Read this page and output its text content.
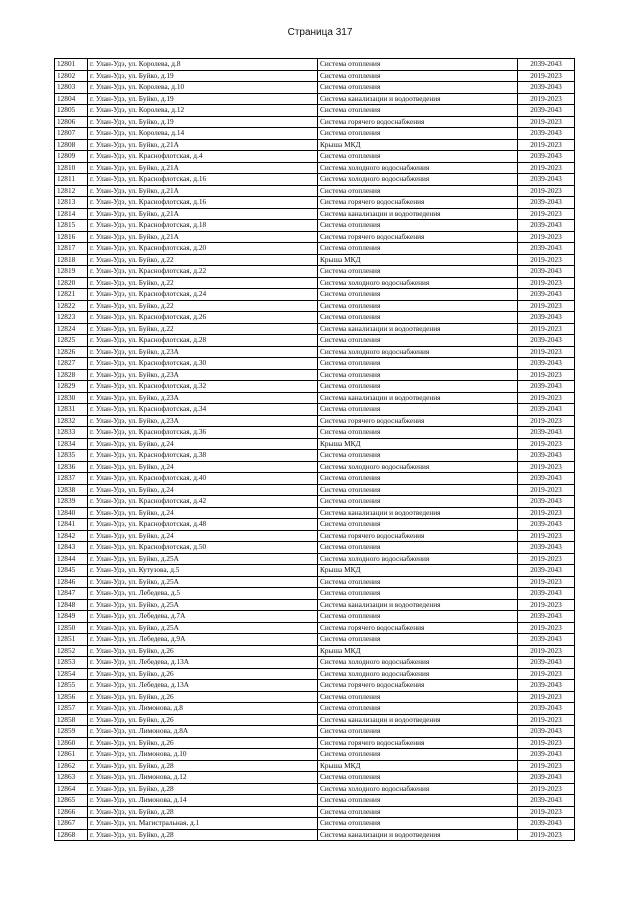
Страница 317
12801	г. Улан-Удэ, ул. Королева, д.8	Система отопления	2039-2043
12802	г. Улан-Удэ, ул. Буйко, д.19	Система отопления	2019-2023
12803	г. Улан-Удэ, ул. Королева, д.10	Система отопления	2039-2043
12804	г. Улан-Удэ, ул. Буйко, д.19	Система канализации и водоотведения	2019-2023
12805	г. Улан-Удэ, ул. Королева, д.12	Система отопления	2039-2043
12806	г. Улан-Удэ, ул. Буйко, д.19	Система горячего водоснабжения	2019-2023
12807	г. Улан-Удэ, ул. Королева, д.14	Система отопления	2039-2043
12808	г. Улан-Удэ, ул. Буйко, д.21А	Крыша МКД	2019-2023
12809	г. Улан-Удэ, ул. Краснофлотская, д.4	Система отопления	2039-2043
12810	г. Улан-Удэ, ул. Буйко, д.21А	Система холодного водоснабжения	2019-2023
12811	г. Улан-Удэ, ул. Краснофлотская, д.16	Система холодного водоснабжения	2039-2043
12812	г. Улан-Удэ, ул. Буйко, д.21А	Система отопления	2019-2023
12813	г. Улан-Удэ, ул. Краснофлотская, д.16	Система горячего водоснабжения	2039-2043
12814	г. Улан-Удэ, ул. Буйко, д.21А	Система канализации и водоотведения	2019-2023
12815	г. Улан-Удэ, ул. Краснофлотская, д.18	Система отопления	2039-2043
12816	г. Улан-Удэ, ул. Буйко, д.21А	Система горячего водоснабжения	2019-2023
12817	г. Улан-Удэ, ул. Краснофлотская, д.20	Система отопления	2039-2043
12818	г. Улан-Удэ, ул. Буйко, д.22	Крыша МКД	2019-2023
12819	г. Улан-Удэ, ул. Краснофлотская, д.22	Система отопления	2039-2043
12820	г. Улан-Удэ, ул. Буйко, д.22	Система холодного водоснабжения	2019-2023
12821	г. Улан-Удэ, ул. Краснофлотская, д.24	Система отопления	2039-2043
12822	г. Улан-Удэ, ул. Буйко, д.22	Система отопления	2019-2023
12823	г. Улан-Удэ, ул. Краснофлотская, д.26	Система отопления	2039-2043
12824	г. Улан-Удэ, ул. Буйко, д.22	Система канализации и водоотведения	2019-2023
12825	г. Улан-Удэ, ул. Краснофлотская, д.28	Система отопления	2039-2043
12826	г. Улан-Удэ, ул. Буйко, д.23А	Система холодного водоснабжения	2019-2023
12827	г. Улан-Удэ, ул. Краснофлотская, д.30	Система отопления	2039-2043
12828	г. Улан-Удэ, ул. Буйко, д.23А	Система отопления	2019-2023
12829	г. Улан-Удэ, ул. Краснофлотская, д.32	Система отопления	2039-2043
12830	г. Улан-Удэ, ул. Буйко, д.23А	Система канализации и водоотведения	2019-2023
12831	г. Улан-Удэ, ул. Краснофлотская, д.34	Система отопления	2039-2043
12832	г. Улан-Удэ, ул. Буйко, д.23А	Система горячего водоснабжения	2019-2023
12833	г. Улан-Удэ, ул. Краснофлотская, д.36	Система отопления	2039-2043
12834	г. Улан-Удэ, ул. Буйко, д.24	Крыша МКД	2019-2023
12835	г. Улан-Удэ, ул. Краснофлотская, д.38	Система отопления	2039-2043
12836	г. Улан-Удэ, ул. Буйко, д.24	Система холодного водоснабжения	2019-2023
12837	г. Улан-Удэ, ул. Краснофлотская, д.40	Система отопления	2039-2043
12838	г. Улан-Удэ, ул. Буйко, д.24	Система отопления	2019-2023
12839	г. Улан-Удэ, ул. Краснофлотская, д.42	Система отопления	2039-2043
12840	г. Улан-Удэ, ул. Буйко, д.24	Система канализации и водоотведения	2019-2023
12841	г. Улан-Удэ, ул. Краснофлотская, д.48	Система отопления	2039-2043
12842	г. Улан-Удэ, ул. Буйко, д.24	Система горячего водоснабжения	2019-2023
12843	г. Улан-Удэ, ул. Краснофлотская, д.50	Система отопления	2039-2043
12844	г. Улан-Удэ, ул. Буйко, д.25А	Система холодного водоснабжения	2019-2023
12845	г. Улан-Удэ, ул. Кутузова, д.5	Крыша МКД	2039-2043
12846	г. Улан-Удэ, ул. Буйко, д.25А	Система отопления	2019-2023
12847	г. Улан-Удэ, ул. Лебедева, д.5	Система отопления	2039-2043
12848	г. Улан-Удэ, ул. Буйко, д.25А	Система канализации и водоотведения	2019-2023
12849	г. Улан-Удэ, ул. Лебедева, д.7А	Система отопления	2039-2043
12850	г. Улан-Удэ, ул. Буйко, д.25А	Система горячего водоснабжения	2019-2023
12851	г. Улан-Удэ, ул. Лебедева, д.9А	Система отопления	2039-2043
12852	г. Улан-Удэ, ул. Буйко, д.26	Крыша МКД	2019-2023
12853	г. Улан-Удэ, ул. Лебедева, д.13А	Система холодного водоснабжения	2039-2043
12854	г. Улан-Удэ, ул. Буйко, д.26	Система холодного водоснабжения	2019-2023
12855	г. Улан-Удэ, ул. Лебедева, д.13А	Система горячего водоснабжения	2039-2043
12856	г. Улан-Удэ, ул. Буйко, д.26	Система отопления	2019-2023
12857	г. Улан-Удэ, ул. Лимонова, д.8	Система отопления	2039-2043
12858	г. Улан-Удэ, ул. Буйко, д.26	Система канализации и водоотведения	2019-2023
12859	г. Улан-Удэ, ул. Лимонова, д.8А	Система отопления	2039-2043
12860	г. Улан-Удэ, ул. Буйко, д.26	Система горячего водоснабжения	2019-2023
12861	г. Улан-Удэ, ул. Лимонова, д.10	Система отопления	2039-2043
12862	г. Улан-Удэ, ул. Буйко, д.28	Крыша МКД	2019-2023
12863	г. Улан-Удэ, ул. Лимонова, д.12	Система отопления	2039-2043
12864	г. Улан-Удэ, ул. Буйко, д.28	Система холодного водоснабжения	2019-2023
12865	г. Улан-Удэ, ул. Лимонова, д.14	Система отопления	2039-2043
12866	г. Улан-Удэ, ул. Буйко, д.28	Система отопления	2019-2023
12867	г. Улан-Удэ, ул. Магистральная, д.1	Система отопления	2039-2043
12868	г. Улан-Удэ, ул. Буйко, д.28	Система канализации и водоотведения	2019-2023
